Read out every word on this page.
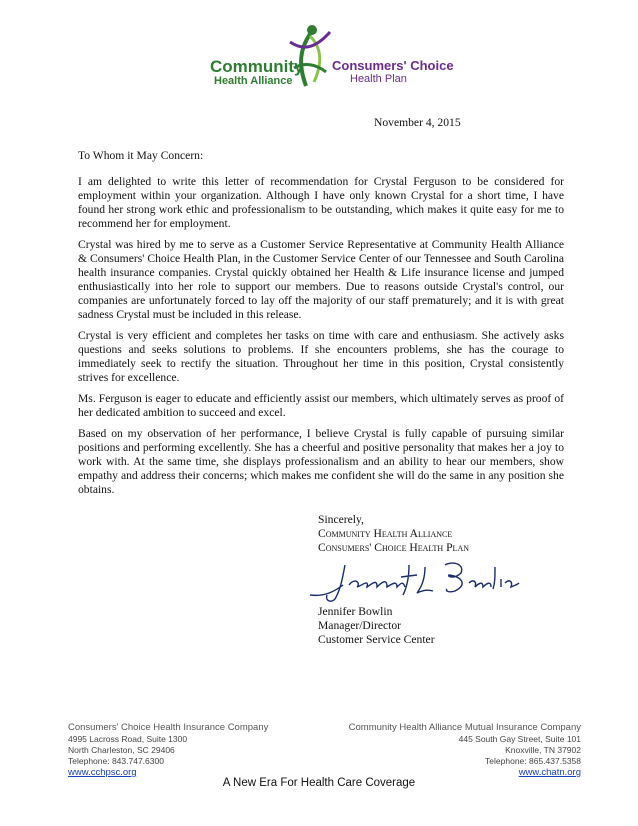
Community
Health Alliance
Consumers' Choice
Health Plan
November 4, 2015
To Whom it May Concern:

I am delighted to write this letter of recommendation for Crystal Ferguson to be considered for employment within your organization. Although I have only known Crystal for a short time, I have found her strong work ethic and professionalism to be outstanding, which makes it quite easy for me to recommend her for employment.

Crystal was hired by me to serve as a Customer Service Representative at Community Health Alliance & Consumers' Choice Health Plan, in the Customer Service Center of our Tennessee and South Carolina health insurance companies. Crystal quickly obtained her Health & Life insurance license and jumped enthusiastically into her role to support our members. Due to reasons outside Crystal's control, our companies are unfortunately forced to lay off the majority of our staff prematurely; and it is with great sadness Crystal must be included in this release.

Crystal is very efficient and completes her tasks on time with care and enthusiasm. She actively asks questions and seeks solutions to problems. If she encounters problems, she has the courage to immediately seek to rectify the situation. Throughout her time in this position, Crystal consistently strives for excellence.

Ms. Ferguson is eager to educate and efficiently assist our members, which ultimately serves as proof of her dedicated ambition to succeed and excel.

Based on my observation of her performance, I believe Crystal is fully capable of pursuing similar positions and performing excellently. She has a cheerful and positive personality that makes her a joy to work with. At the same time, she displays professionalism and an ability to hear our members, show empathy and address their concerns; which makes me confident she will do the same in any position she obtains.

Sincerely,
Community Health Alliance
Consumers' Choice Health Plan
Jennifer Bowlin
Manager/Director
Customer Service Center
Consumers' Choice Health Insurance Company
4995 Lacross Road, Suite 1300
North Charleston, SC 29406
Telephone: 843.747.6300
www.cchpsc.org
Community Health Alliance Mutual Insurance Company
445 South Gay Street, Suite 101
Knoxville, TN 37902
Telephone: 865.437.5358
www.chatn.org
A New Era For Health Care Coverage
